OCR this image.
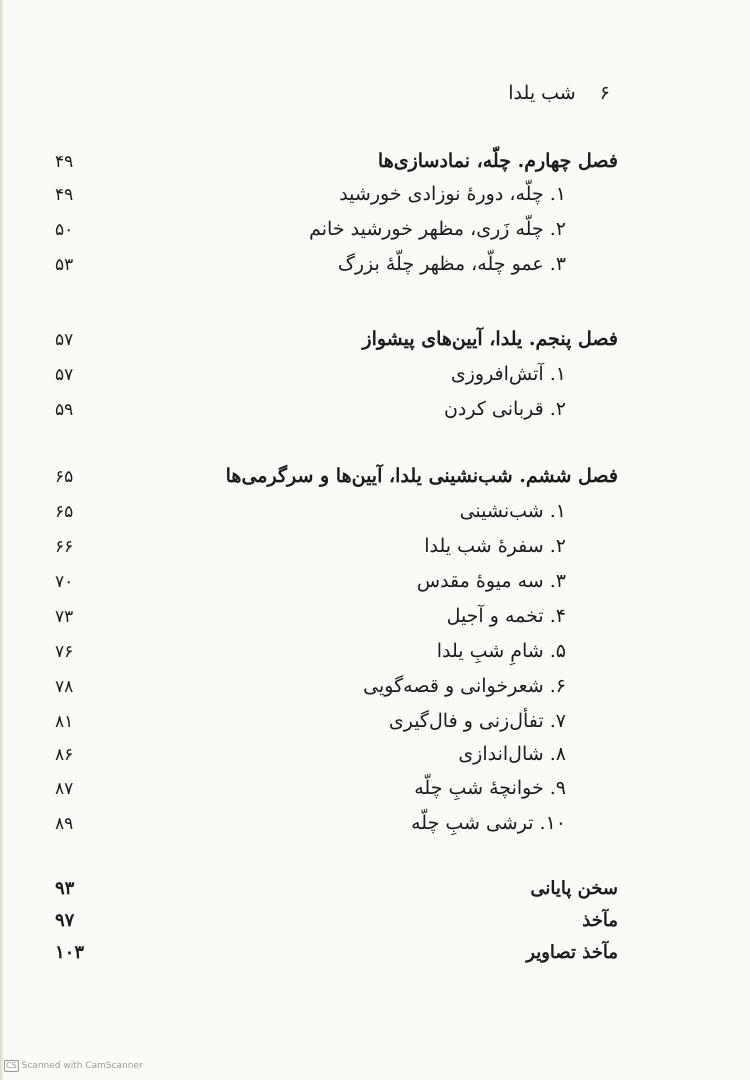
۶ شب یلدا
فصل چهارم. چلّه، نمادسازی‌ها
۴۹
۱. چلّه، دورهٔ نوزادی خورشید
۴۹
۲. چلّه زَری، مظهر خورشید خانم
۵۰
۳. عمو چلّه، مظهر چلّهٔ بزرگ
۵۳
فصل پنجم. یلدا، آیین‌های پیشواز
۵۷
۱. آتش‌افروزی
۵۷
۲. قربانی کردن
۵۹
فصل ششم. شب‌نشینی یلدا، آیین‌ها و سرگرمی‌ها
۶۵
۱. شب‌نشینی
۶۵
۲. سفرهٔ شب یلدا
۶۶
۳. سه میوهٔ مقدس
۷۰
۴. تخمه و آجیل
۷۳
۵. شامِ شبِ یلدا
۷۶
۶. شعرخوانی و قصه‌گویی
۷۸
۷. تفأل‌زنی و فال‌گیری
۸۱
۸. شال‌اندازی
۸۶
۹. خوانچهٔ شبِ چلّه
۸۷
۱۰. ترشی شبِ چلّه
۸۹
سخن پایانی
۹۳
مآخذ
۹۷
مآخذ تصاویر
۱۰۳
CS Scanned with CamScanner
